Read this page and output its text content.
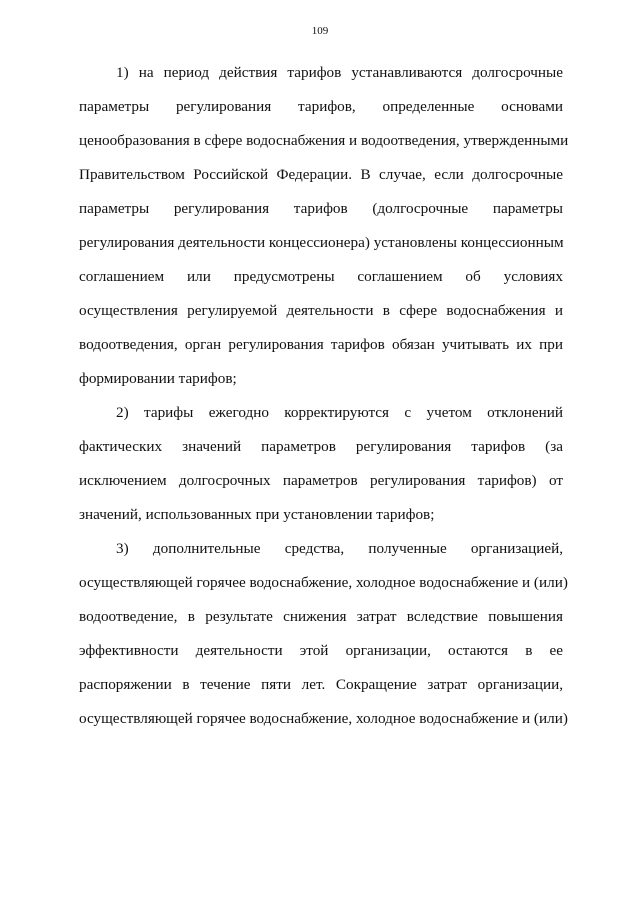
109
1) на период действия тарифов устанавливаются долгосрочные
параметры регулирования тарифов, определенные основами
ценообразования в сфере водоснабжения и водоотведения, утвержденными
Правительством Российской Федерации. В случае, если долгосрочные
параметры регулирования тарифов (долгосрочные параметры
регулирования деятельности концессионера) установлены концессионным
соглашением или предусмотрены соглашением об условиях
осуществления регулируемой деятельности в сфере водоснабжения и
водоотведения, орган регулирования тарифов обязан учитывать их при
формировании тарифов;
2) тарифы ежегодно корректируются с учетом отклонений
фактических значений параметров регулирования тарифов (за
исключением долгосрочных параметров регулирования тарифов) от
значений, использованных при установлении тарифов;
3) дополнительные средства, полученные организацией,
осуществляющей горячее водоснабжение, холодное водоснабжение и (или)
водоотведение, в результате снижения затрат вследствие повышения
эффективности деятельности этой организации, остаются в ее
распоряжении в течение пяти лет. Сокращение затрат организации,
осуществляющей горячее водоснабжение, холодное водоснабжение и (или)
